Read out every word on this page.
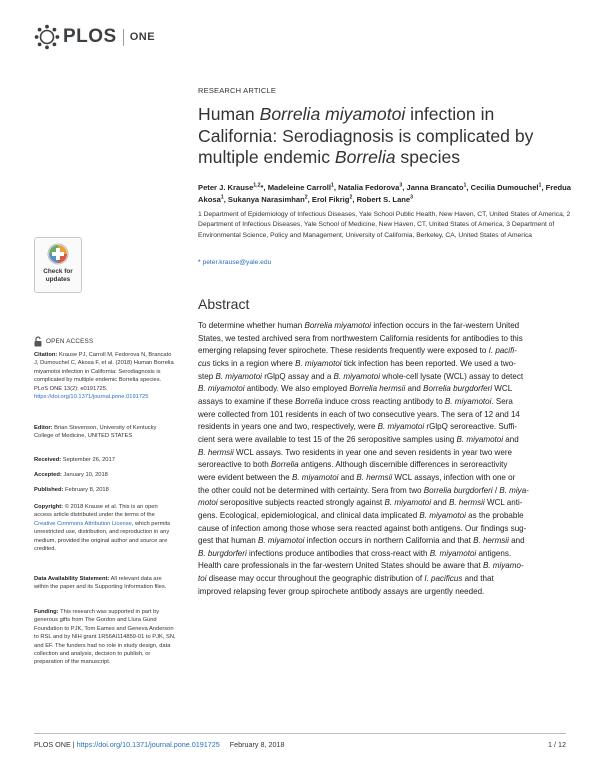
PLOS ONE
RESEARCH ARTICLE
Human Borrelia miyamotoi infection in California: Serodiagnosis is complicated by multiple endemic Borrelia species
Peter J. Krause$^{1,2}$*, Madeleine Carroll$^1$, Natalia Fedorova$^3$, Janna Brancato$^1$, Cecilia Dumouchel$^1$, Fredua Akosa$^1$, Sukanya Narasimhan$^2$, Erol Fikrig$^2$, Robert S. Lane$^3$
1 Department of Epidemiology of Infectious Diseases, Yale School Public Health, New Haven, CT, United States of America, 2 Department of Infectious Diseases, Yale School of Medicine, New Haven, CT, United States of America, 3 Department of Environmental Science, Policy and Management, University of California, Berkeley, CA, United States of America
* peter.krause@yale.edu
Check for updates
OPEN ACCESS
Citation: Krause PJ, Carroll M, Fedorova N, Brancato J, Dumouchel C, Akosa F, et al. (2018) Human Borrelia miyamotoi infection in California: Serodiagnosis is complicated by multiple endemic Borrelia species. PLoS ONE 13(2): e0191725. https://doi.org/10.1371/journal.pone.0191725
Editor: Brian Stevenson, University of Kentucky College of Medicine, UNITED STATES
Received: September 26, 2017
Accepted: January 10, 2018
Published: February 8, 2018
Copyright: © 2018 Krause et al. This is an open access article distributed under the terms of the Creative Commons Attribution License, which permits unrestricted use, distribution, and reproduction in any medium, provided the original author and source are credited.
Data Availability Statement: All relevant data are within the paper and its Supporting Information files.
Funding: This research was supported in part by generous gifts from The Gordon and Llura Gund Foundation to PJK, Tom Eames and Geneva Anderson to RSL and by NIH grant 1R56AI114859-01 to PJK, SN, and EF. The funders had no role in study design, data collection and analysis, decision to publish, or preparation of the manuscript.
Abstract
To determine whether human Borrelia miyamotoi infection occurs in the far-western United
States, we tested archived sera from northwestern California residents for antibodies to this
emerging relapsing fever spirochete. These residents frequently were exposed to I. pacifi-
cus ticks in a region where B. miyamotoi tick infection has been reported. We used a two-
step B. miyamotoi rGlpQ assay and a B. miyamotoi whole-cell lysate (WCL) assay to detect
B. miyamotoi antibody. We also employed Borrelia hermsii and Borrelia burgdorferi WCL
assays to examine if these Borrelia induce cross reacting antibody to B. miyamotoi. Sera
were collected from 101 residents in each of two consecutive years. The sera of 12 and 14
residents in years one and two, respectively, were B. miyamotoi rGlpQ seroreactive. Suffi-
cient sera were available to test 15 of the 26 seropositive samples using B. miyamotoi and
B. hermsii WCL assays. Two residents in year one and seven residents in year two were
seroreactive to both Borrelia antigens. Although discernible differences in seroreactivity
were evident between the B. miyamotoi and B. hermsii WCL assays, infection with one or
the other could not be determined with certainty. Sera from two Borrelia burgdorferi / B. miya-
motoi seropositive subjects reacted strongly against B. miyamotoi and B. hermsii WCL anti-
gens. Ecological, epidemiological, and clinical data implicated B. miyamotoi as the probable
cause of infection among those whose sera reacted against both antigens. Our findings sug-
gest that human B. miyamotoi infection occurs in northern California and that B. hermsii and
B. burgdorferi infections produce antibodies that cross-react with B. miyamotoi antigens.
Health care professionals in the far-western United States should be aware that B. miyamo-
toi disease may occur throughout the geographic distribution of I. pacificus and that
improved relapsing fever group spirochete antibody assays are urgently needed.
PLOS ONE | https://doi.org/10.1371/journal.pone.0191725 February 8, 2018	1 / 12
